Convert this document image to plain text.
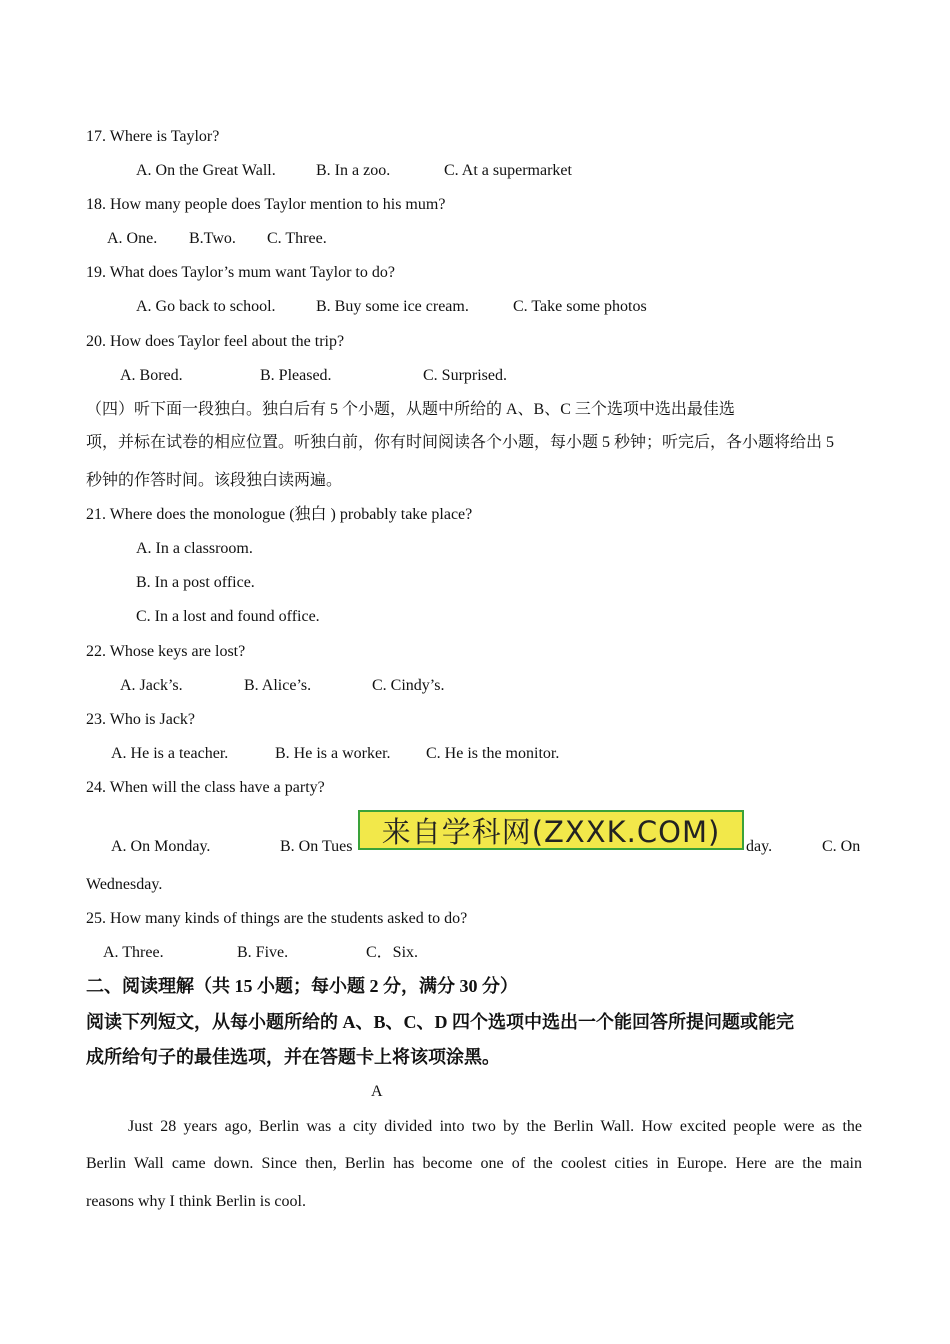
17. Where is Taylor?
A. On the Great Wall.	B. In a zoo.	C. At a supermarket
18. How many people does Taylor mention to his mum?
A. One. B.Two. C. Three.
19. What does Taylor’s mum want Taylor to do?
A. Go back to school.	B. Buy some ice cream.	C. Take some photos
20. How does Taylor feel about the trip?
A. Bored.	B. Pleased.	C. Surprised.
（四）听下面一段独白。独白后有 5 个小题，从题中所给的 A、B、C 三个选项中选出最佳选
项，并标在试卷的相应位置。听独白前，你有时间阅读各个小题，每小题 5 秒钟；听完后，各小题将给出 5
秒钟的作答时间。该段独白读两遍。
21. Where does the monologue (独白 ) probably take place?
A. In a classroom.
B. In a post office.
C. In a lost and found office.
22. Whose keys are lost?
A. Jack’s.	B. Alice’s.	C. Cindy’s.
23. Who is Jack?
A. He is a teacher.	B. He is a worker. C. He is the monitor.
24. When will the class have a party?
A. On Monday.	B. On Tues	day.	C. On
Wednesday.
来自学科网(ZXXK.COM)
25. How many kinds of things are the students asked to do?
A. Three.	B. Five.	C．Six.
二、阅读理解（共 15 小题；每小题 2 分，满分 30 分）
阅读下列短文，从每小题所给的 A、B、C、D 四个选项中选出一个能回答所提问题或能完
成所给句子的最佳选项，并在答题卡上将该项涂黑。
A
Just 28 years ago, Berlin was a city divided into two by the Berlin Wall. How excited people were as the
Berlin Wall came down. Since then, Berlin has become one of the coolest cities in Europe. Here are the main
reasons why I think Berlin is cool.
